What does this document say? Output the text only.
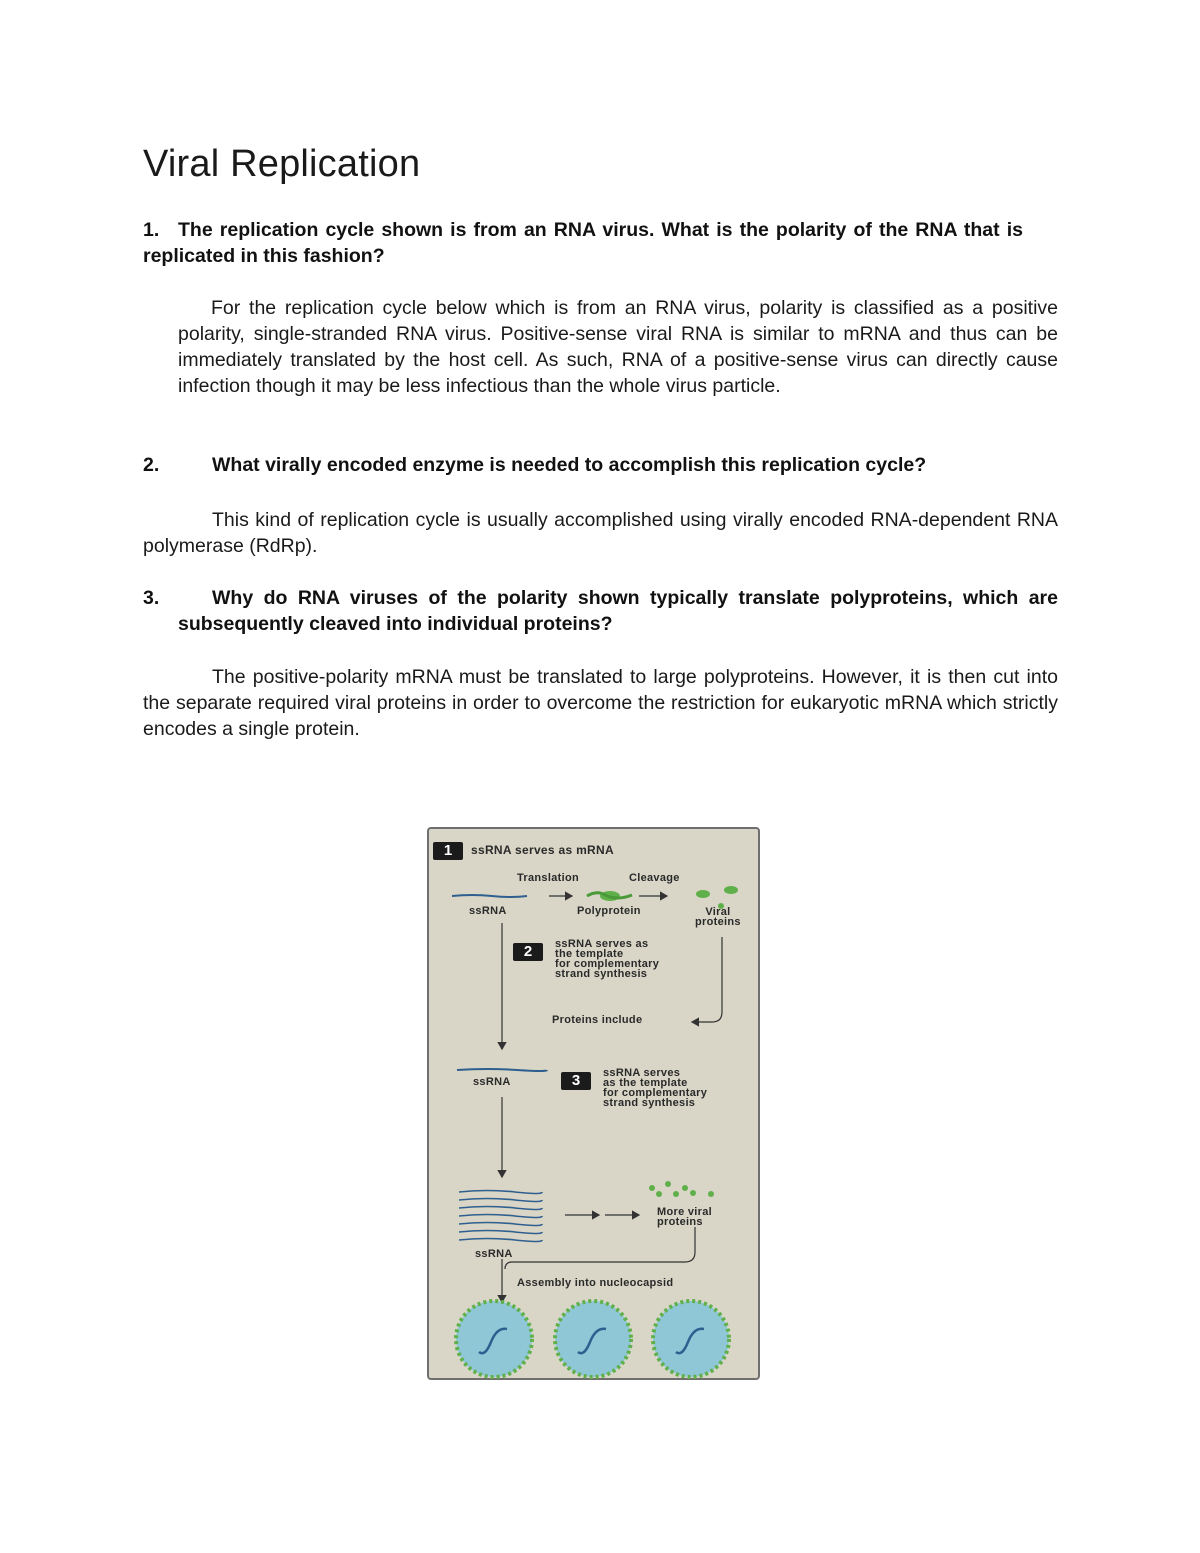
Viral Replication
1. The replication cycle shown is from an RNA virus. What is the polarity of the RNA that is replicated in this fashion?
For the replication cycle below which is from an RNA virus, polarity is classified as a positive polarity, single-stranded RNA virus. Positive-sense viral RNA is similar to mRNA and thus can be immediately translated by the host cell. As such, RNA of a positive-sense virus can directly cause infection though it may be less infectious than the whole virus particle.
2.	What virally encoded enzyme is needed to accomplish this replication cycle?
This kind of replication cycle is usually accomplished using virally encoded RNA-dependent RNA polymerase (RdRp).
3.	Why do RNA viruses of the polarity shown typically translate polyproteins, which are subsequently cleaved into individual proteins?
The positive-polarity mRNA must be translated to large polyproteins. However, it is then cut into the separate required viral proteins in order to overcome the restriction for eukaryotic mRNA which strictly encodes a single protein.
1	ssRNA serves as mRNA
Translation	Cleavage
ssRNA	Polyprotein	Viral
proteins
2	ssRNA serves as
the template
for complementary
strand synthesis
Proteins include
ssRNA	3	ssRNA serves
as the template
for complementary
strand synthesis
More viral
proteins
ssRNA
Assembly into nucleocapsid
